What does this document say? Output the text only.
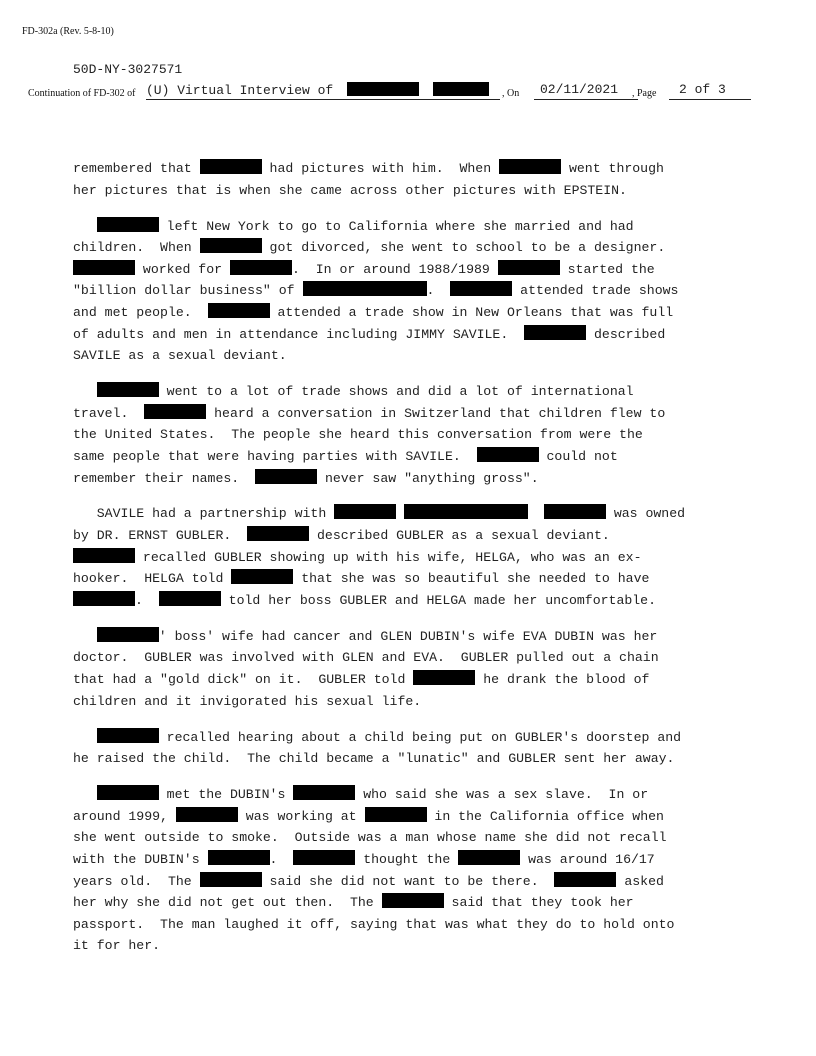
FD-302a (Rev. 5-8-10)
50D-NY-3027571
Continuation of FD-302 of (U) Virtual Interview of	, On	02/11/2021	, Page	2 of 3
remembered that	had pictures with him.  When	went through
her pictures that is when she came across other pictures with EPSTEIN.
left New York to go to California where she married and had
children.  When	got divorced, she went to school to be a designer.
worked for	.  In or around 1988/1989	started the
"billion dollar business" of	.	attended trade shows
and met people.	attended a trade show in New Orleans that was full
of adults and men in attendance including JIMMY SAVILE.	described
SAVILE as a sexual deviant.
went to a lot of trade shows and did a lot of international
travel.	heard a conversation in Switzerland that children flew to
the United States.  The people she heard this conversation from were the
same people that were having parties with SAVILE.	could not
remember their names.	never saw "anything gross".
SAVILE had a partnership with	was owned
by DR. ERNST GUBLER.	described GUBLER as a sexual deviant.
recalled GUBLER showing up with his wife, HELGA, who was an ex-
hooker.  HELGA told	that she was so beautiful she needed to have
.	told her boss GUBLER and HELGA made her uncomfortable.
' boss' wife had cancer and GLEN DUBIN's wife EVA DUBIN was her
doctor.  GUBLER was involved with GLEN and EVA.  GUBLER pulled out a chain
that had a "gold dick" on it.  GUBLER told	he drank the blood of
children and it invigorated his sexual life.
recalled hearing about a child being put on GUBLER's doorstep and
he raised the child.  The child became a "lunatic" and GUBLER sent her away.
met the DUBIN's	who said she was a sex slave.  In or
around 1999,	was working at	in the California office when
she went outside to smoke.  Outside was a man whose name she did not recall
with the DUBIN's	.	thought the	was around 16/17
years old.  The	said she did not want to be there.	asked
her why she did not get out then.  The	said that they took her
passport.  The man laughed it off, saying that was what they do to hold onto
it for her.
